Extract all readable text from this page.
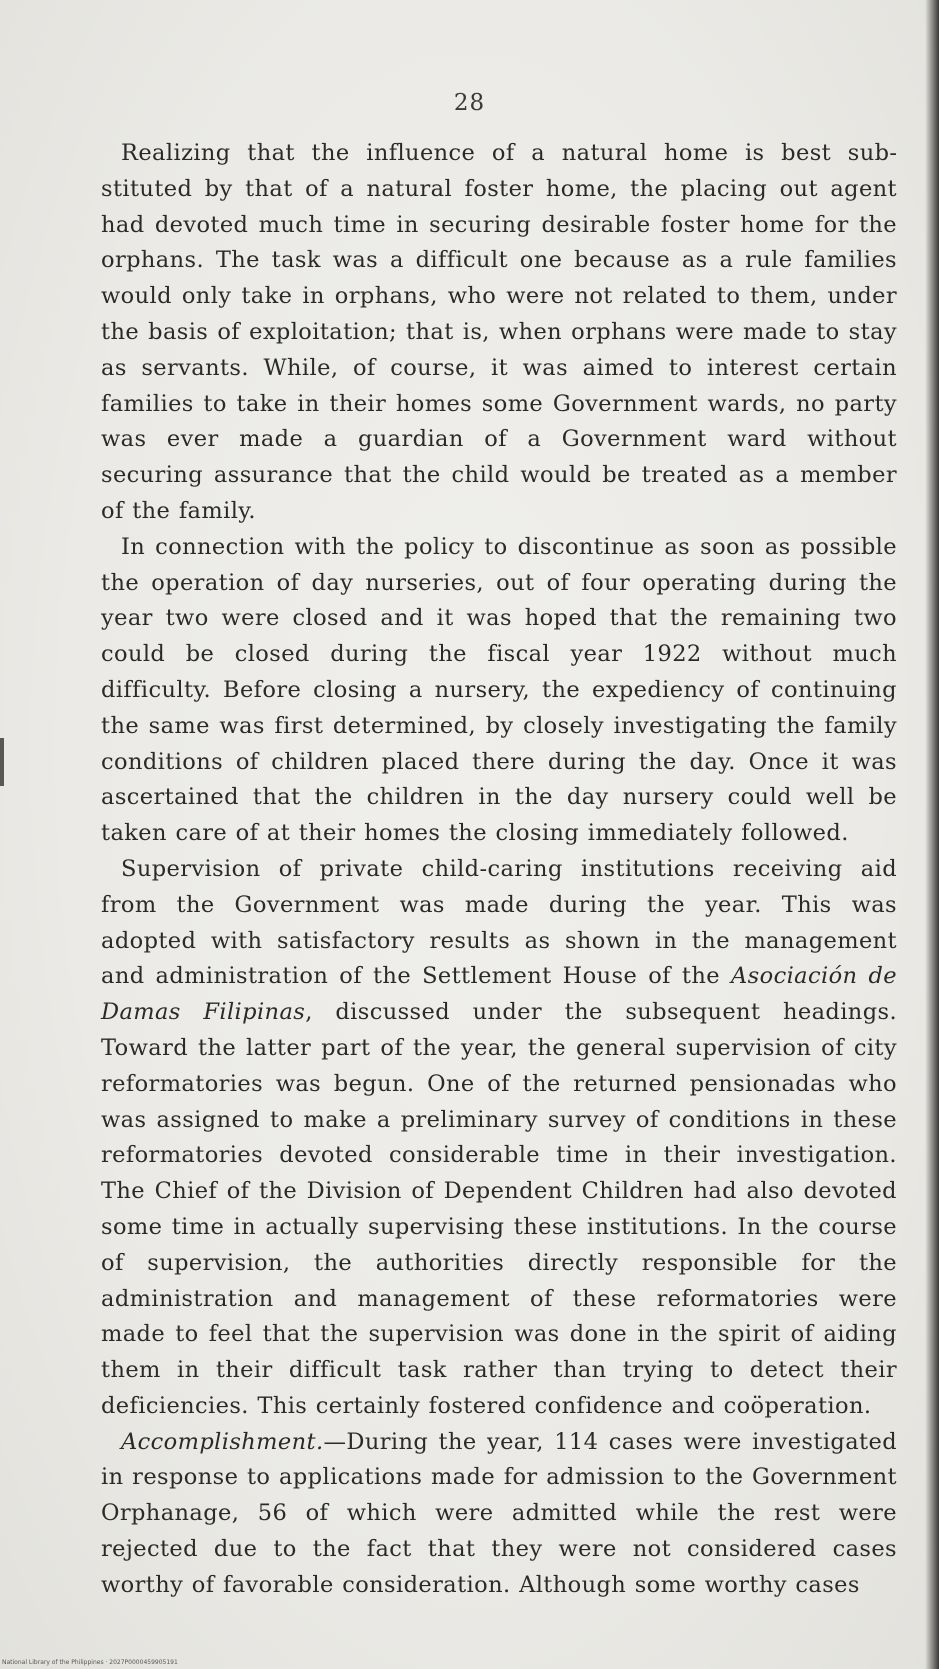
28

Realizing that the influence of a natural home is best substituted by that of a natural foster home, the placing out agent had devoted much time in securing desirable foster home for the orphans. The task was a difficult one because as a rule families would only take in orphans, who were not related to them, under the basis of exploitation; that is, when orphans were made to stay as servants. While, of course, it was aimed to interest certain families to take in their homes some Government wards, no party was ever made a guardian of a Government ward without securing assurance that the child would be treated as a member of the family.

In connection with the policy to discontinue as soon as possible the operation of day nurseries, out of four operating during the year two were closed and it was hoped that the remaining two could be closed during the fiscal year 1922 without much difficulty. Before closing a nursery, the expediency of continuing the same was first determined, by closely investigating the family conditions of children placed there during the day. Once it was ascertained that the children in the day nursery could well be taken care of at their homes the closing immediately followed.

Supervision of private child-caring institutions receiving aid from the Government was made during the year. This was adopted with satisfactory results as shown in the management and administration of the Settlement House of the Asociación de Damas Filipinas, discussed under the subsequent headings. Toward the latter part of the year, the general supervision of city reformatories was begun. One of the returned pensionadas who was assigned to make a preliminary survey of conditions in these reformatories devoted considerable time in their investigation. The Chief of the Division of Dependent Children had also devoted some time in actually supervising these institutions. In the course of supervision, the authorities directly responsible for the administration and management of these reformatories were made to feel that the supervision was done in the spirit of aiding them in their difficult task rather than trying to detect their deficiencies. This certainly fostered confidence and coöperation.

Accomplishment.—During the year, 114 cases were investigated in response to applications made for admission to the Government Orphanage, 56 of which were admitted while the rest were rejected due to the fact that they were not considered cases worthy of favorable consideration. Although some worthy cases

National Library of the Philippines · 2027P0000459905191
